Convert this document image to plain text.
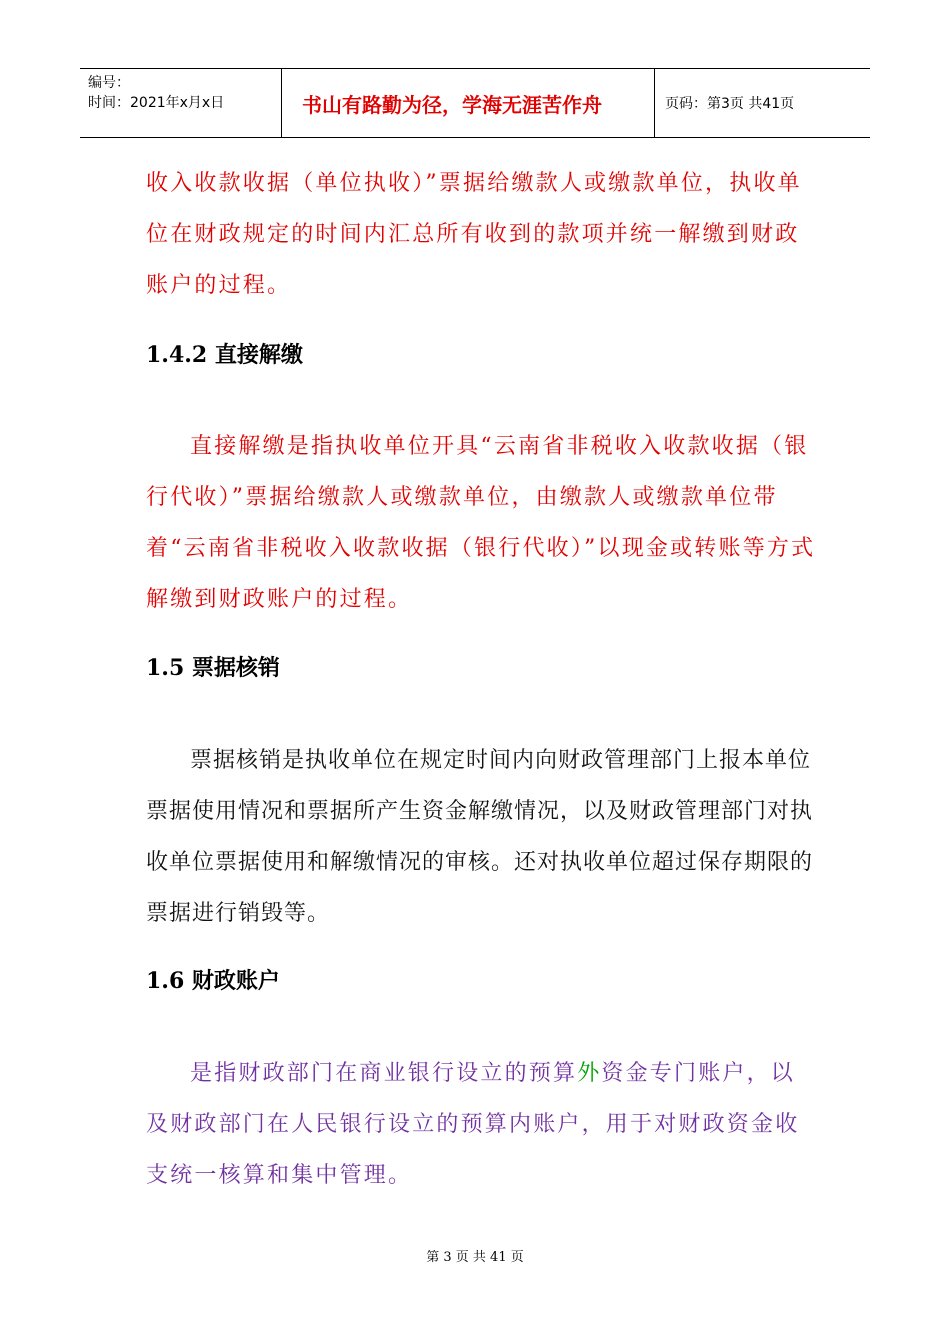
编号：
时间：2021年x月x日	书山有路勤为径，学海无涯苦作舟	页码：第3页 共41页

收入收款收据（单位执收）”票据给缴款人或缴款单位，执收单位在财政规定的时间内汇总所有收到的款项并统一解缴到财政账户的过程。

1.4.2 直接解缴

直接解缴是指执收单位开具“云南省非税收入收款收据（银行代收）”票据给缴款人或缴款单位，由缴款人或缴款单位带着“云南省非税收入收款收据（银行代收）”以现金或转账等方式解缴到财政账户的过程。

1.5 票据核销

票据核销是执收单位在规定时间内向财政管理部门上报本单位票据使用情况和票据所产生资金解缴情况，以及财政管理部门对执收单位票据使用和解缴情况的审核。还对执收单位超过保存期限的票据进行销毁等。

1.6 财政账户

是指财政部门在商业银行设立的预算外资金专门账户，以及财政部门在人民银行设立的预算内账户，用于对财政资金收支统一核算和集中管理。

第 3 页 共 41 页
